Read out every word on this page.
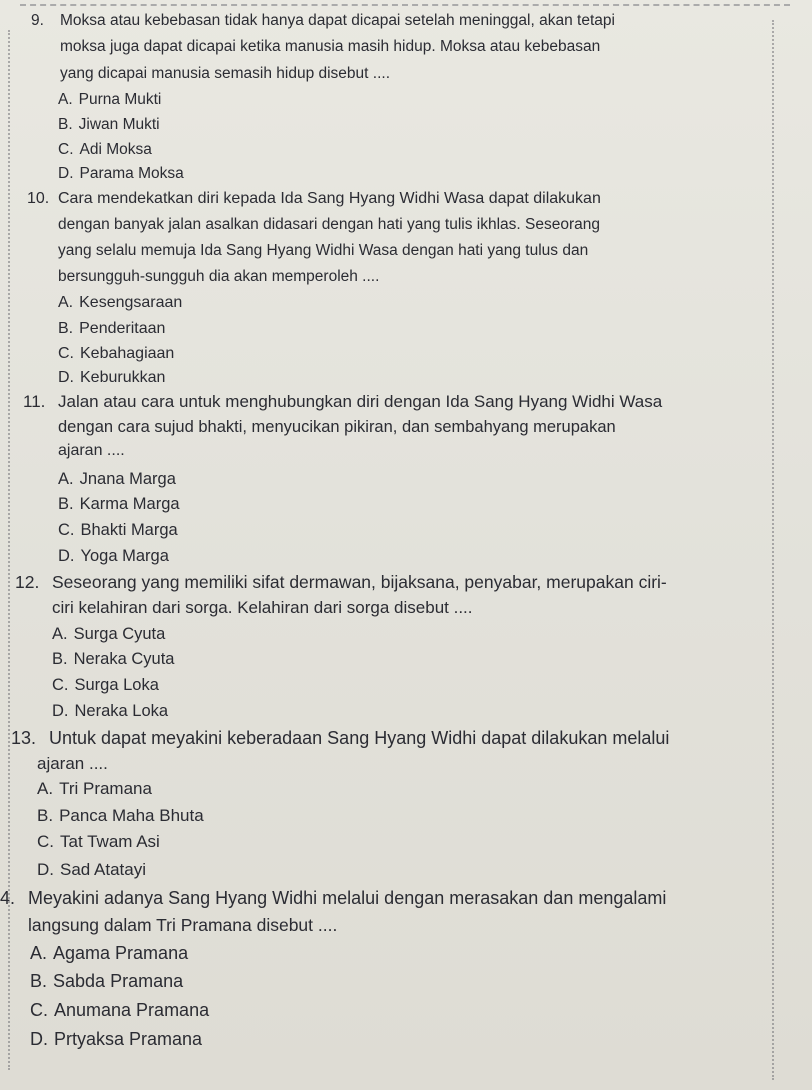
9. Moksa atau kebebasan tidak hanya dapat dicapai setelah meninggal, akan tetapi
moksa juga dapat dicapai ketika manusia masih hidup. Moksa atau kebebasan
yang dicapai manusia semasih hidup disebut ....
A. Purna Mukti
B. Jiwan Mukti
C. Adi Moksa
D. Parama Moksa
10. Cara mendekatkan diri kepada Ida Sang Hyang Widhi Wasa dapat dilakukan
dengan banyak jalan asalkan didasari dengan hati yang tulis ikhlas. Seseorang
yang selalu memuja Ida Sang Hyang Widhi Wasa dengan hati yang tulus dan
bersungguh-sungguh dia akan memperoleh ....
A. Kesengsaraan
B. Penderitaan
C. Kebahagiaan
D. Keburukkan
11. Jalan atau cara untuk menghubungkan diri dengan Ida Sang Hyang Widhi Wasa
dengan cara sujud bhakti, menyucikan pikiran, dan sembahyang merupakan
ajaran ....
A. Jnana Marga
B. Karma Marga
C. Bhakti Marga
D. Yoga Marga
12. Seseorang yang memiliki sifat dermawan, bijaksana, penyabar, merupakan ciri-
ciri kelahiran dari sorga. Kelahiran dari sorga disebut ....
A. Surga Cyuta
B. Neraka Cyuta
C. Surga Loka
D. Neraka Loka
13. Untuk dapat meyakini keberadaan Sang Hyang Widhi dapat dilakukan melalui
ajaran ....
A. Tri Pramana
B. Panca Maha Bhuta
C. Tat Twam Asi
D. Sad Atatayi
4. Meyakini adanya Sang Hyang Widhi melalui dengan merasakan dan mengalami
langsung dalam Tri Pramana disebut ....
A. Agama Pramana
B. Sabda Pramana
C. Anumana Pramana
D. Prtyaksa Pramana
